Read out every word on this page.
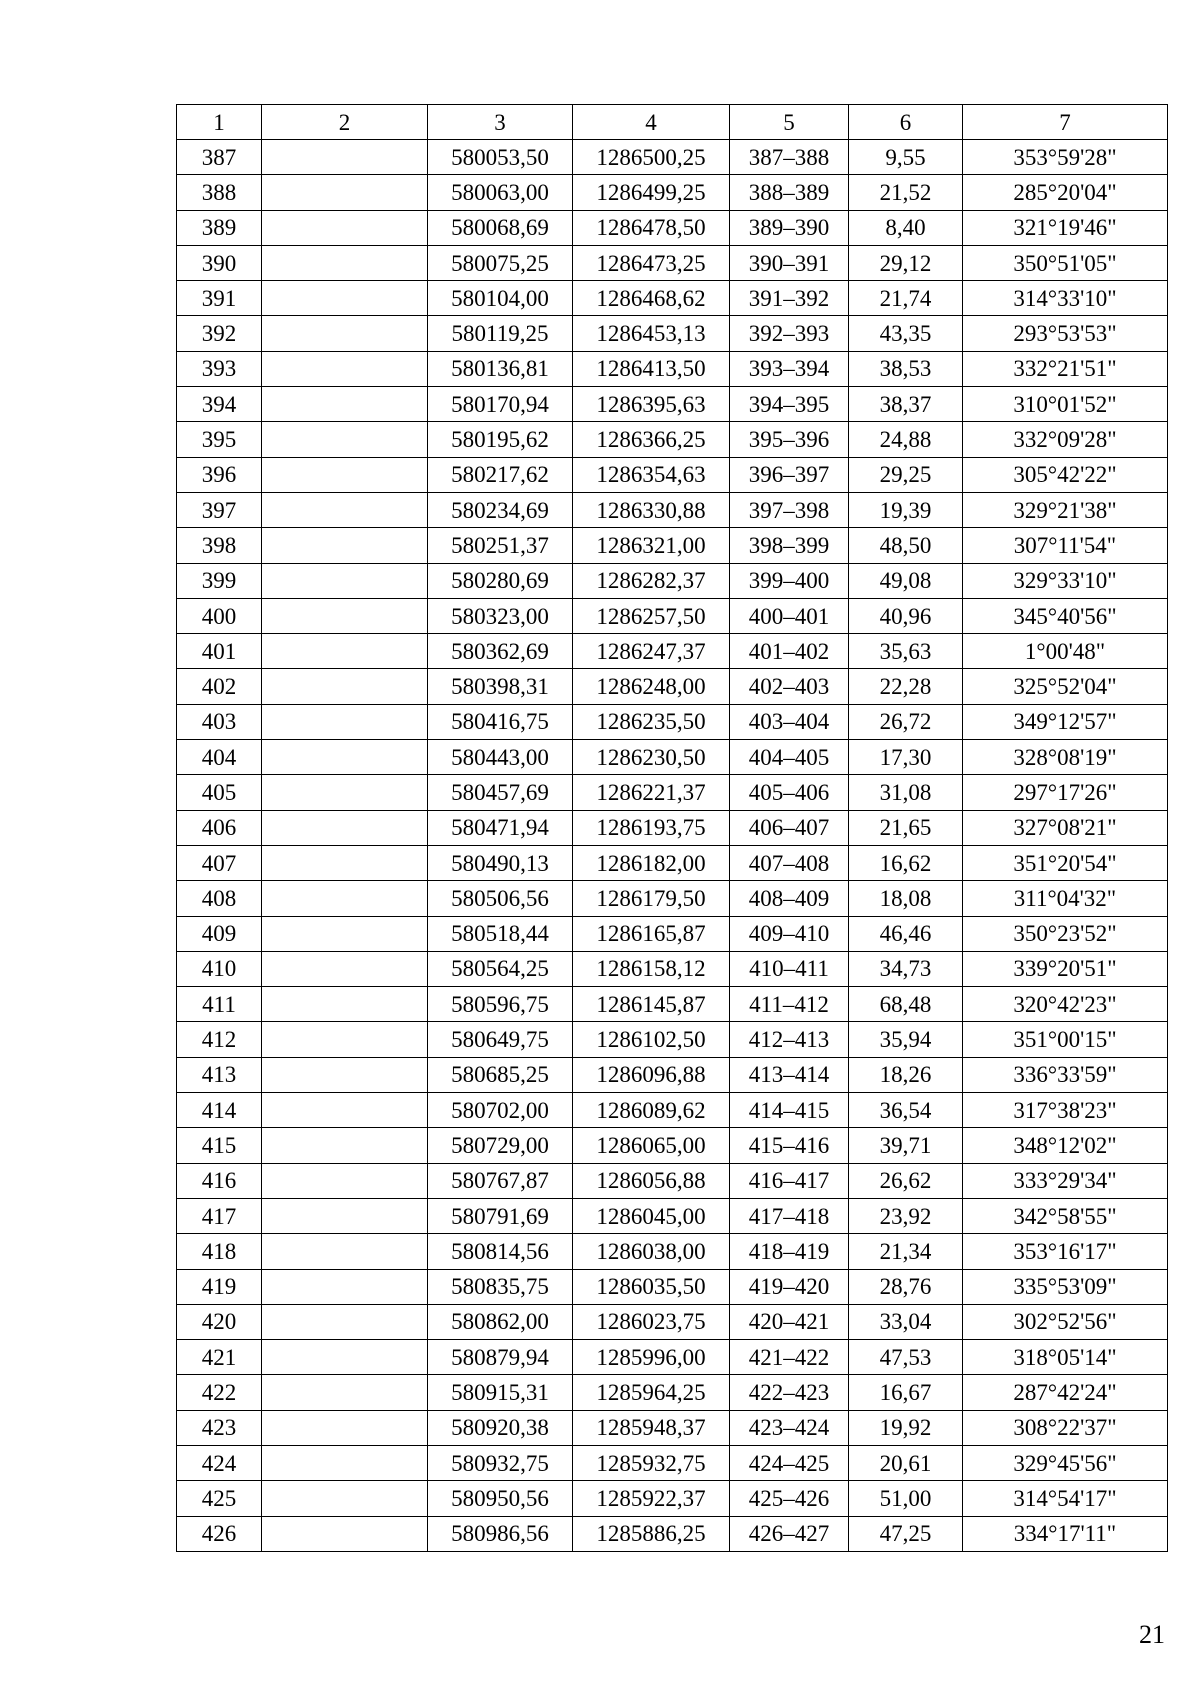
1	2	3	4	5	6	7
387		580053,50	1286500,25	387–388	9,55	353°59'28"
388		580063,00	1286499,25	388–389	21,52	285°20'04"
389		580068,69	1286478,50	389–390	8,40	321°19'46"
390		580075,25	1286473,25	390–391	29,12	350°51'05"
391		580104,00	1286468,62	391–392	21,74	314°33'10"
392		580119,25	1286453,13	392–393	43,35	293°53'53"
393		580136,81	1286413,50	393–394	38,53	332°21'51"
394		580170,94	1286395,63	394–395	38,37	310°01'52"
395		580195,62	1286366,25	395–396	24,88	332°09'28"
396		580217,62	1286354,63	396–397	29,25	305°42'22"
397		580234,69	1286330,88	397–398	19,39	329°21'38"
398		580251,37	1286321,00	398–399	48,50	307°11'54"
399		580280,69	1286282,37	399–400	49,08	329°33'10"
400		580323,00	1286257,50	400–401	40,96	345°40'56"
401		580362,69	1286247,37	401–402	35,63	1°00'48"
402		580398,31	1286248,00	402–403	22,28	325°52'04"
403		580416,75	1286235,50	403–404	26,72	349°12'57"
404		580443,00	1286230,50	404–405	17,30	328°08'19"
405		580457,69	1286221,37	405–406	31,08	297°17'26"
406		580471,94	1286193,75	406–407	21,65	327°08'21"
407		580490,13	1286182,00	407–408	16,62	351°20'54"
408		580506,56	1286179,50	408–409	18,08	311°04'32"
409		580518,44	1286165,87	409–410	46,46	350°23'52"
410		580564,25	1286158,12	410–411	34,73	339°20'51"
411		580596,75	1286145,87	411–412	68,48	320°42'23"
412		580649,75	1286102,50	412–413	35,94	351°00'15"
413		580685,25	1286096,88	413–414	18,26	336°33'59"
414		580702,00	1286089,62	414–415	36,54	317°38'23"
415		580729,00	1286065,00	415–416	39,71	348°12'02"
416		580767,87	1286056,88	416–417	26,62	333°29'34"
417		580791,69	1286045,00	417–418	23,92	342°58'55"
418		580814,56	1286038,00	418–419	21,34	353°16'17"
419		580835,75	1286035,50	419–420	28,76	335°53'09"
420		580862,00	1286023,75	420–421	33,04	302°52'56"
421		580879,94	1285996,00	421–422	47,53	318°05'14"
422		580915,31	1285964,25	422–423	16,67	287°42'24"
423		580920,38	1285948,37	423–424	19,92	308°22'37"
424		580932,75	1285932,75	424–425	20,61	329°45'56"
425		580950,56	1285922,37	425–426	51,00	314°54'17"
426		580986,56	1285886,25	426–427	47,25	334°17'11"
21
